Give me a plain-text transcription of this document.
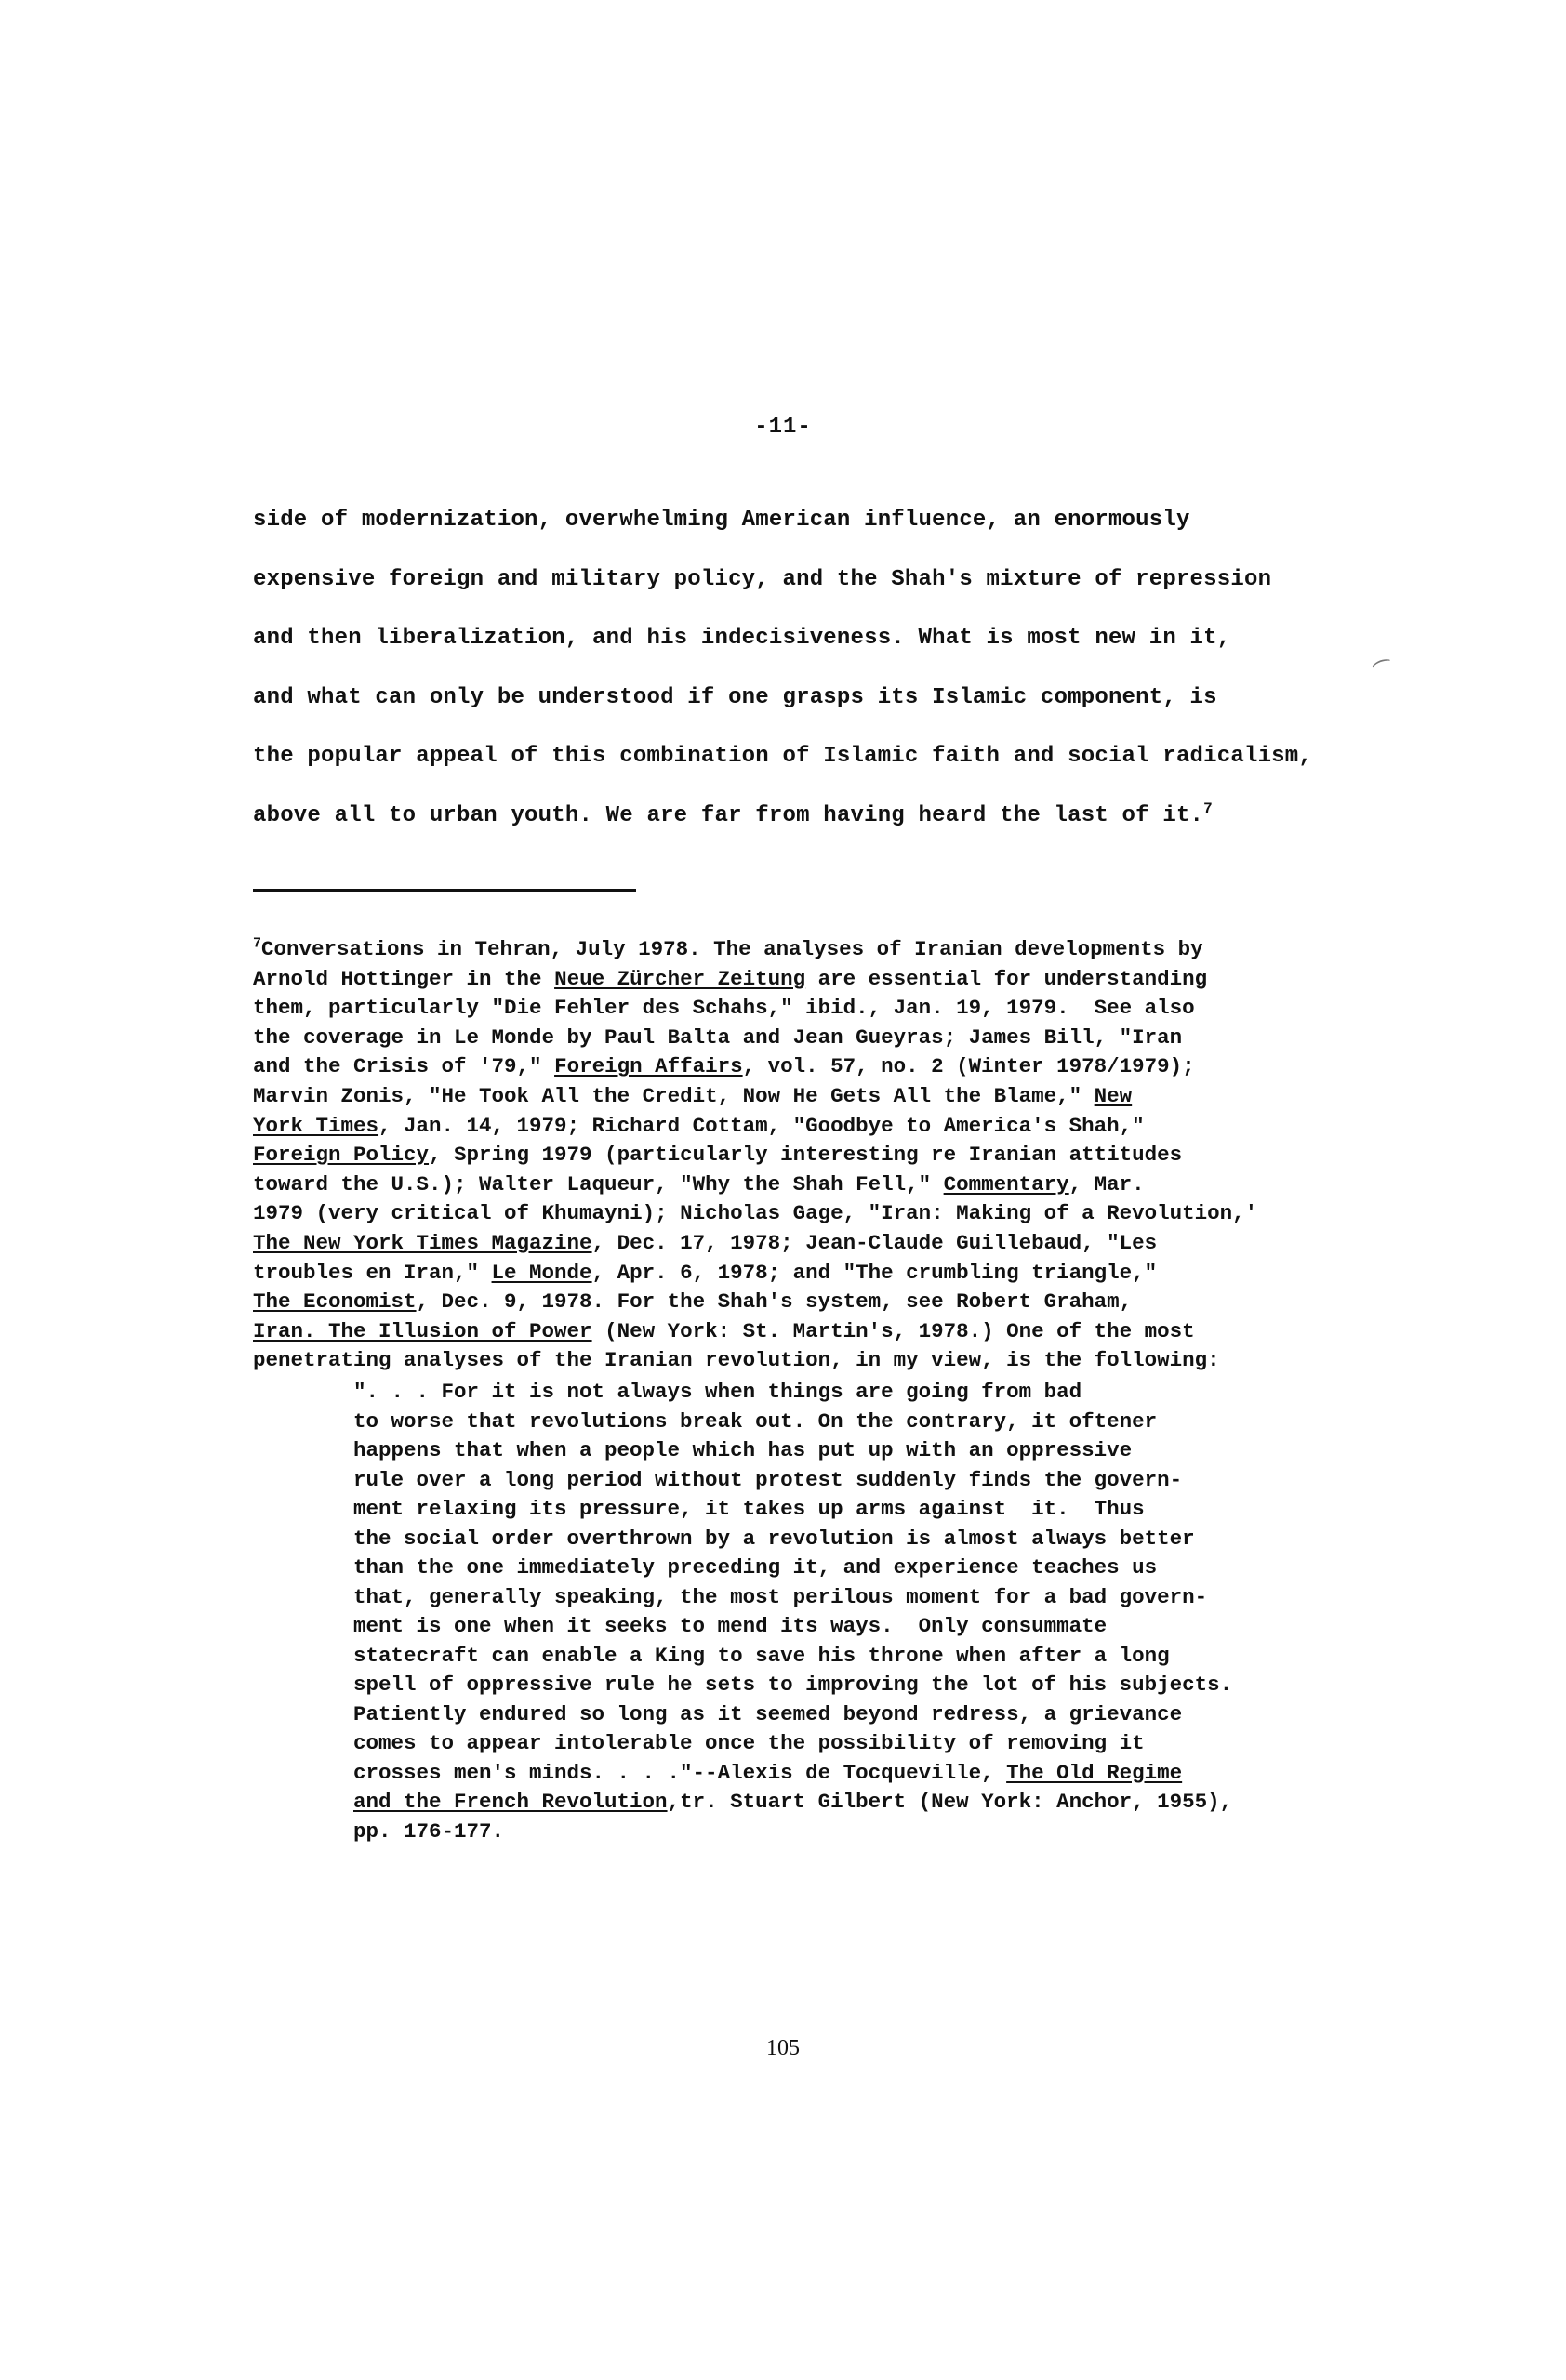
-11-
side of modernization, overwhelming American influence, an enormously
expensive foreign and military policy, and the Shah's mixture of repression
and then liberalization, and his indecisiveness. What is most new in it,
and what can only be understood if one grasps its Islamic component, is
the popular appeal of this combination of Islamic faith and social radicalism,
above all to urban youth. We are far from having heard the last of it.$^7$
$^7$Conversations in Tehran, July 1978. The analyses of Iranian developments by
Arnold Hottinger in the Neue Zürcher Zeitung are essential for understanding
them, particularly "Die Fehler des Schahs," ibid., Jan. 19, 1979.  See also
the coverage in Le Monde by Paul Balta and Jean Gueyras; James Bill, "Iran
and the Crisis of '79," Foreign Affairs, vol. 57, no. 2 (Winter 1978/1979);
Marvin Zonis, "He Took All the Credit, Now He Gets All the Blame," New
York Times, Jan. 14, 1979; Richard Cottam, "Goodbye to America's Shah,"
Foreign Policy, Spring 1979 (particularly interesting re Iranian attitudes
toward the U.S.); Walter Laqueur, "Why the Shah Fell," Commentary, Mar.
1979 (very critical of Khumayni); Nicholas Gage, "Iran: Making of a Revolution,'
The New York Times Magazine, Dec. 17, 1978; Jean-Claude Guillebaud, "Les
troubles en Iran," Le Monde, Apr. 6, 1978; and "The crumbling triangle,"
The Economist, Dec. 9, 1978. For the Shah's system, see Robert Graham,
Iran. The Illusion of Power (New York: St. Martin's, 1978.) One of the most
penetrating analyses of the Iranian revolution, in my view, is the following:
". . . For it is not always when things are going from bad
to worse that revolutions break out. On the contrary, it oftener
happens that when a people which has put up with an oppressive
rule over a long period without protest suddenly finds the govern-
ment relaxing its pressure, it takes up arms against  it.  Thus
the social order overthrown by a revolution is almost always better
than the one immediately preceding it, and experience teaches us
that, generally speaking, the most perilous moment for a bad govern-
ment is one when it seeks to mend its ways.  Only consummate
statecraft can enable a King to save his throne when after a long
spell of oppressive rule he sets to improving the lot of his subjects.
Patiently endured so long as it seemed beyond redress, a grievance
comes to appear intolerable once the possibility of removing it
crosses men's minds. . . ."--Alexis de Tocqueville, The Old Regime
and the French Revolution,tr. Stuart Gilbert (New York: Anchor, 1955),
pp. 176-177.
105
⁀
